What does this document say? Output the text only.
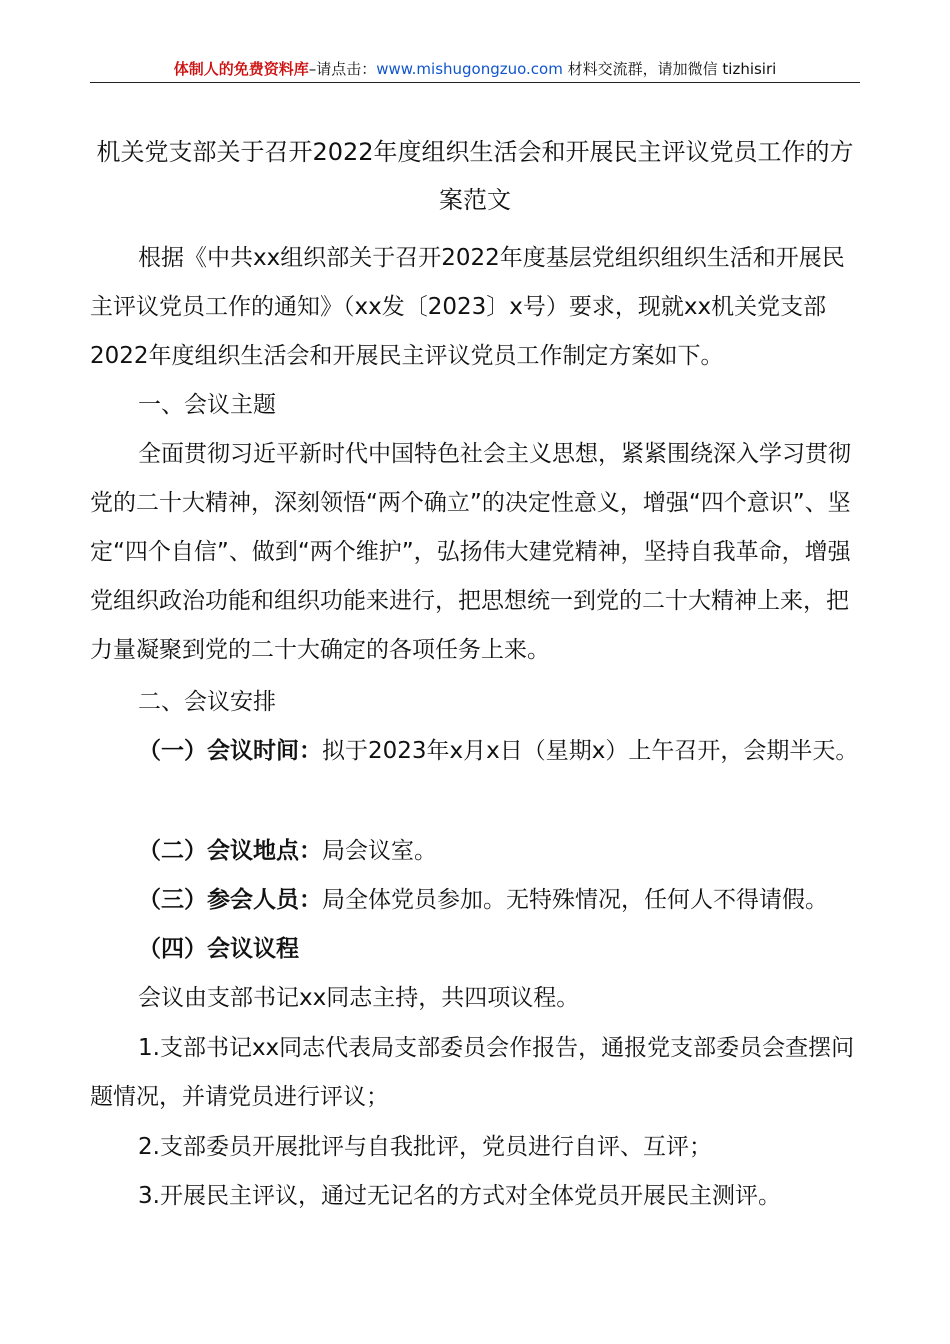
体制人的免费资料库–请点击：www.mishugongzuo.com 材料交流群，请加微信 tizhisiri
机关党支部关于召开2022年度组织生活会和开展民主评议党员工作的方案范文

根据《中共xx组织部关于召开2022年度基层党组织组织生活和开展民主评议党员工作的通知》（xx发〔2023〕x号）要求，现就xx机关党支部2022年度组织生活会和开展民主评议党员工作制定方案如下。

一、会议主题

全面贯彻习近平新时代中国特色社会主义思想，紧紧围绕深入学习贯彻党的二十大精神，深刻领悟“两个确立”的决定性意义，增强“四个意识”、坚定“四个自信”、做到“两个维护”，弘扬伟大建党精神，坚持自我革命，增强党组织政治功能和组织功能来进行，把思想统一到党的二十大精神上来，把力量凝聚到党的二十大确定的各项任务上来。

二、会议安排

（一）会议时间：拟于2023年x月x日（星期x）上午召开，会期半天。

（二）会议地点：局会议室。

（三）参会人员：局全体党员参加。无特殊情况，任何人不得请假。

（四）会议议程

会议由支部书记xx同志主持，共四项议程。

1.支部书记xx同志代表局支部委员会作报告，通报党支部委员会查摆问题情况，并请党员进行评议；

2.支部委员开展批评与自我批评，党员进行自评、互评；

3.开展民主评议，通过无记名的方式对全体党员开展民主测评。
